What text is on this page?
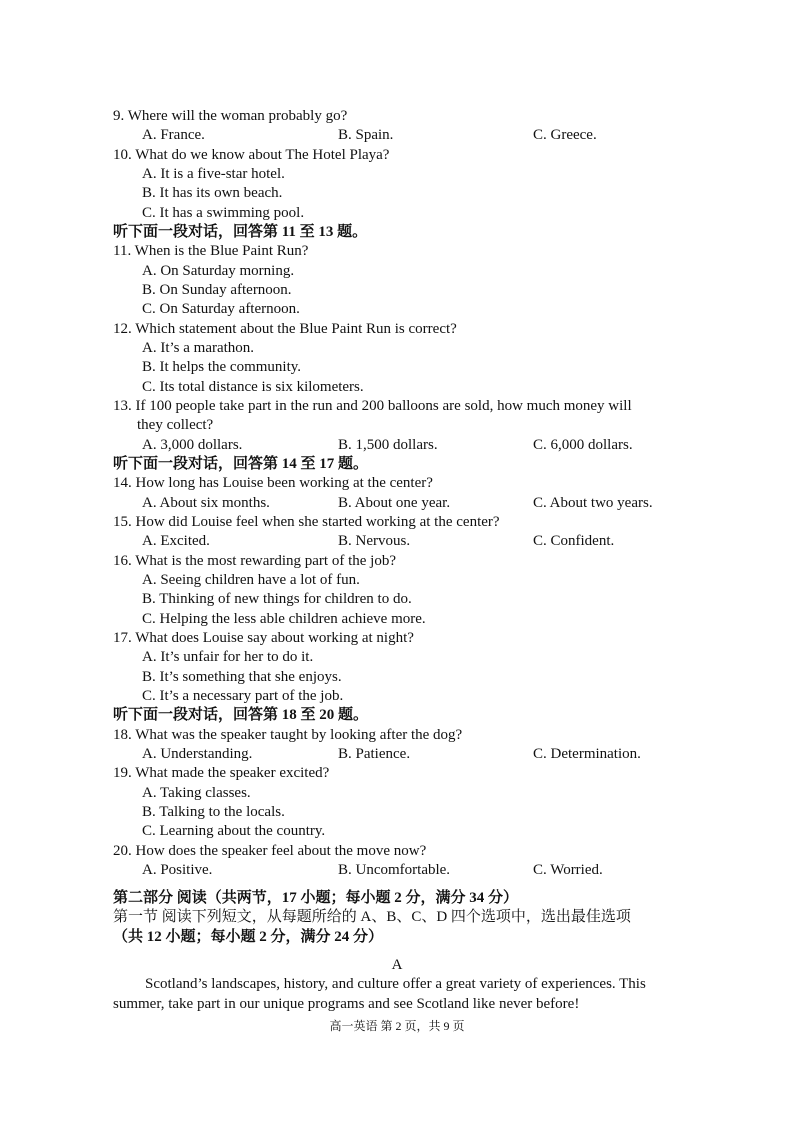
9. Where will the woman probably go?
A. France.	B. Spain.	C. Greece.
10. What do we know about The Hotel Playa?
A. It is a five-star hotel.
B. It has its own beach.
C. It has a swimming pool.
听下面一段对话，回答第 11 至 13 题。
11. When is the Blue Paint Run?
A. On Saturday morning.
B. On Sunday afternoon.
C. On Saturday afternoon.
12. Which statement about the Blue Paint Run is correct?
A. It’s a marathon.
B. It helps the community.
C. Its total distance is six kilometers.
13. If 100 people take part in the run and 200 balloons are sold, how much money will
they collect?
A. 3,000 dollars.	B. 1,500 dollars.	C. 6,000 dollars.
听下面一段对话，回答第 14 至 17 题。
14. How long has Louise been working at the center?
A. About six months.	B. About one year.	C. About two years.
15. How did Louise feel when she started working at the center?
A. Excited.	B. Nervous.	C. Confident.
16. What is the most rewarding part of the job?
A. Seeing children have a lot of fun.
B. Thinking of new things for children to do.
C. Helping the less able children achieve more.
17. What does Louise say about working at night?
A. It’s unfair for her to do it.
B. It’s something that she enjoys.
C. It’s a necessary part of the job.
听下面一段对话，回答第 18 至 20 题。
18. What was the speaker taught by looking after the dog?
A. Understanding.	B. Patience.	C. Determination.
19. What made the speaker excited?
A. Taking classes.
B. Talking to the locals.
C. Learning about the country.
20. How does the speaker feel about the move now?
A. Positive.	B. Uncomfortable.	C. Worried.
第二部分 阅读（共两节，17 小题；每小题 2 分，满分 34 分）
第一节 阅读下列短文，从每题所给的 A、B、C、D 四个选项中，选出最佳选项
（共 12 小题；每小题 2 分，满分 24 分）
A
Scotland’s landscapes, history, and culture offer a great variety of experiences. This
summer, take part in our unique programs and see Scotland like never before!
高一英语 第 2 页，共 9 页
